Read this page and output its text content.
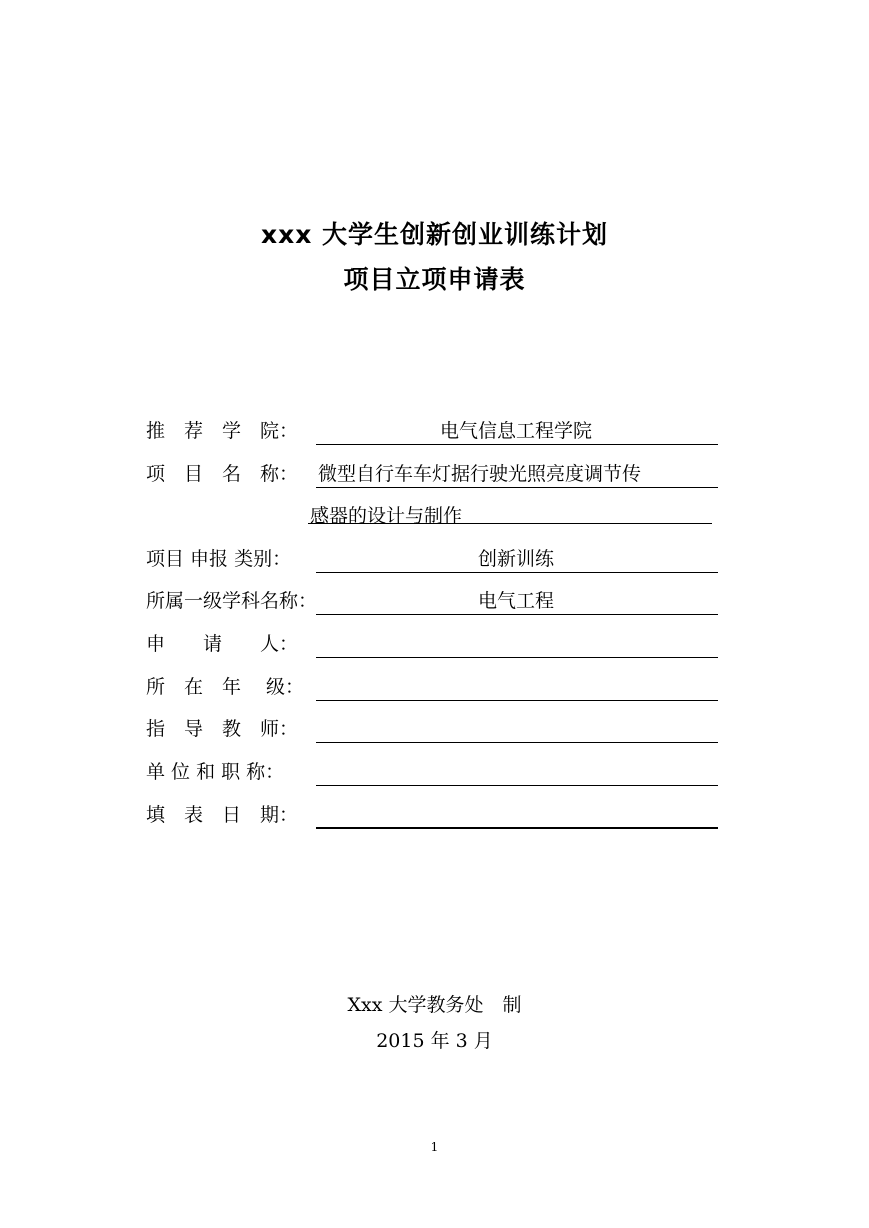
xxx 大学生创新创业训练计划
项目立项申请表
推　荐　学　院：	电气信息工程学院
项　目　名　称：	微型自行车车灯据行驶光照亮度调节传
感器的设计与制作
项目 申报 类别：	创新训练
所属一级学科名称：	电气工程
申　　请　　人：
所　在　年　 级：
指　导　教　师：
单 位 和 职 称：
填　表　日　期：
Xxx 大学教务处　制
2015 年 3 月
1
